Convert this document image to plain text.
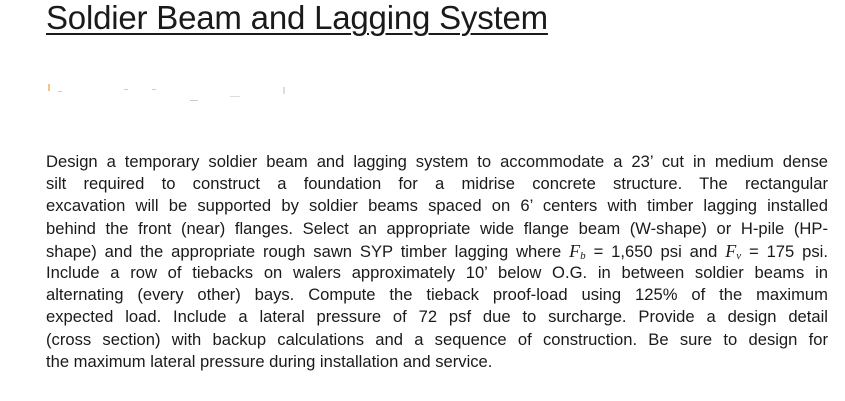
Soldier Beam and Lagging System
Design a temporary soldier beam and lagging system to accommodate a 23’ cut in medium dense
silt required to construct a foundation for a midrise concrete structure. The rectangular
excavation will be supported by soldier beams spaced on 6’ centers with timber lagging installed
behind the front (near) flanges. Select an appropriate wide flange beam (W-shape) or H-pile (HP-
shape) and the appropriate rough sawn SYP timber lagging where $F_b = 1,650$ psi and $F_v = 175$ psi.
Include a row of tiebacks on walers approximately 10’ below O.G. in between soldier beams in
alternating (every other) bays. Compute the tieback proof-load using 125% of the maximum
expected load. Include a lateral pressure of 72 psf due to surcharge. Provide a design detail
(cross section) with backup calculations and a sequence of construction. Be sure to design for
the maximum lateral pressure during installation and service.
